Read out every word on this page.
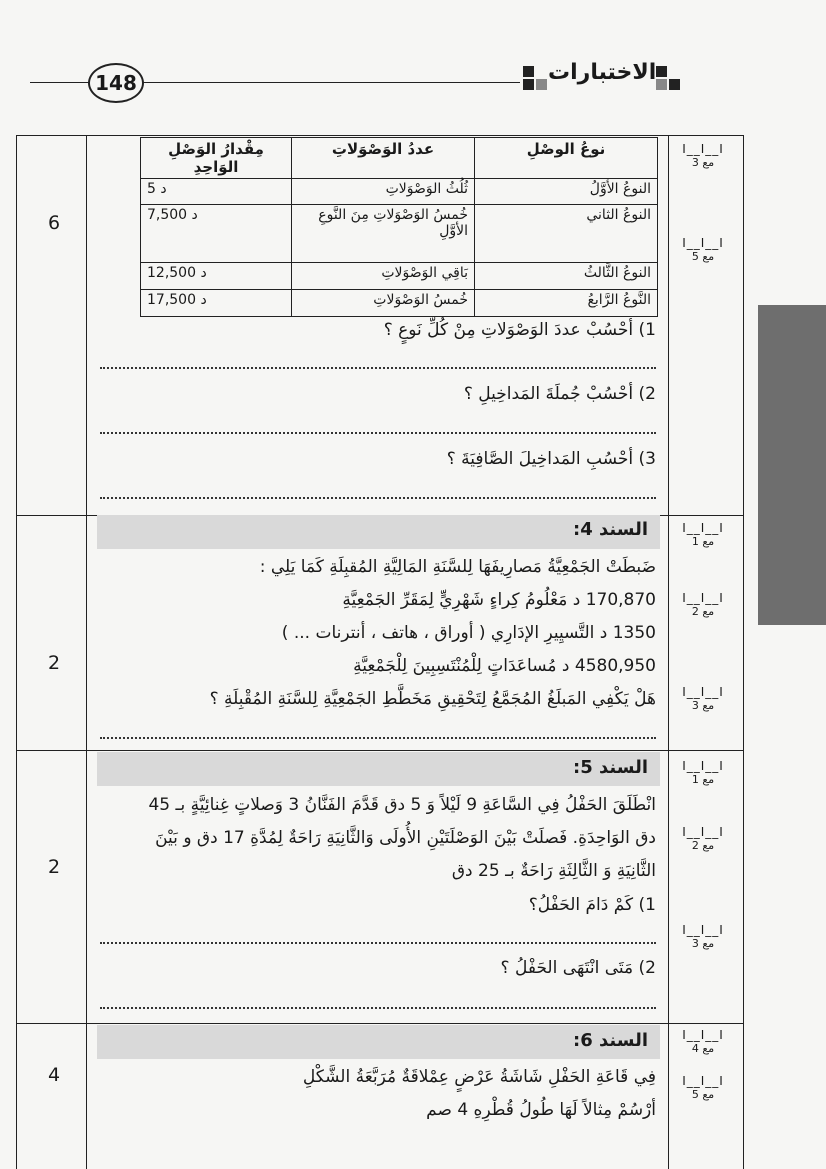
148	الاختبارات
6
I__I__I
مع 3
I__I__I
مع 5
نوعُ الوصْلِ	عددُ الوَصْوَلاتِ	مِقْدارُ الوَصْلِ الوَاحِدِ
النوعُ الأوَّلُ	ثُلُثُ الوَصْوَلاتِ	5 د
النوعُ الثاني	خُمسُ الوَصْوَلاتِ مِنَ النَّوعِ الأوَّلِ	7,500 د
النوعُ الثَّالثُ	بَاقِي الوَصْوَلاتِ	12,500 د
النَّوعُ الرَّابعُ	خُمسُ الوَصْوَلاتِ	17,500 د
1) أحْسُبْ عددَ الوَصْوَلاتِ مِنْ كُلِّ نَوعٍ ؟
2) أحْسُبْ جُملَةَ المَداخِيلِ ؟
3) أحْسُبِ المَداخِيلَ الصَّافِيَةَ ؟
2
I__I__I
مع 1
I__I__I
مع 2
I__I__I
مع 3
السند 4:
ضَبطَتْ الجَمْعِيَّةُ مَصارِيفَهَا لِلسَّنَةِ المَالِيَّةِ المُقبِلَةِ كَمَا يَلِي :
170,870 د مَعْلُومُ كِراءٍ شَهْرِيٍّ لِمَقَرِّ الجَمْعِيَّةِ
1350 د التَّسيِيرِ الإدَارِي ( أوراق ، هاتف ، أنترنات ... )
4580,950 د مُساعَدَاتٍ لِلْمُنْتَسِبِينَ لِلْجَمْعِيَّةِ
هَلْ يَكْفِي المَبلَغُ المُجَمَّعُ لِتَحْقِيقِ مَخَطَّطِ الجَمْعِيَّةِ لِلسَّنَةِ المُقْبِلَةِ ؟
2
I__I__I
مع 1
I__I__I
مع 2
I__I__I
مع 3
السند 5:
انْطَلَقَ الحَفْلُ فِي السَّاعَةِ 9 لَيْلاً وَ 5 دق قَدَّمَ الفَنَّانُ 3 وَصلاتٍ غِنائِيَّةٍ بـ 45
دق الوَاحِدَةِ. فَصلَتْ بَيْنَ الوَصْلَتَيْنِ الأُولَى وَالثَّانِيَةِ رَاحَةٌ لِمُدَّةِ 17 دق و بَيْنَ
الثَّانِيَةِ وَ الثَّالِثَةِ رَاحَةٌ بـ 25 دق
1) كَمْ دَامَ الحَفْلُ؟
2) مَتَى انْتَهَى الحَفْلُ ؟
4
I__I__I
مع 4
I__I__I
مع 5
السند 6:
فِي قَاعَةِ الحَفْلِ شَاشَةُ عَرْضٍ عِمْلاقَةٌ مُرَبَّعَةُ الشَّكْلِ
أرْسُمْ مِثالاً لَهَا طُولُ قُطْرِهِ 4 صم
